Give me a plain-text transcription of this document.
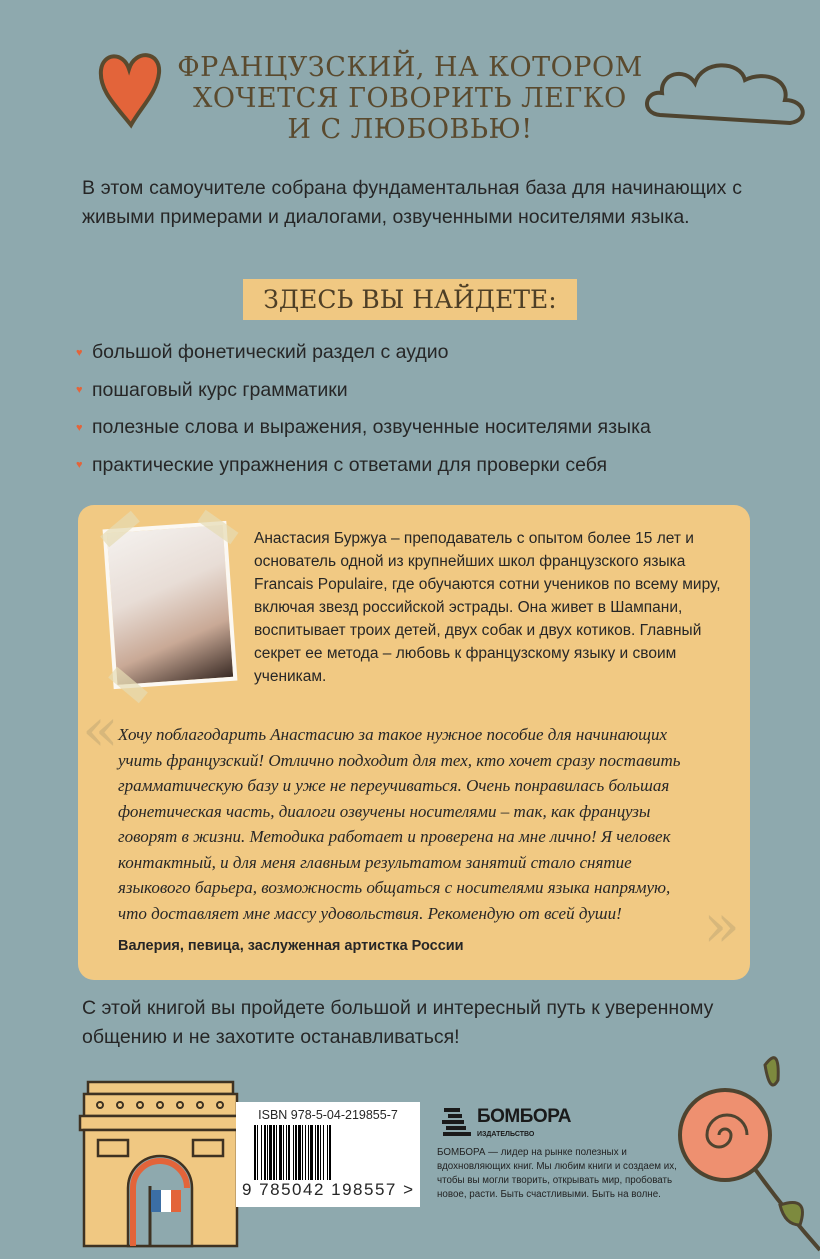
ФРАНЦУЗСКИЙ, НА КОТОРОМ
ХОЧЕТСЯ ГОВОРИТЬ ЛЕГКО
И С ЛЮБОВЬЮ!

В этом самоучителе собрана фундаментальная база для начинающих с живыми примерами и диалогами, озвученными носителями языка.

ЗДЕСЬ ВЫ НАЙДЕТЕ:
♥ большой фонетический раздел с аудио
♥ пошаговый курс грамматики
♥ полезные слова и выражения, озвученные носителями языка
♥ практические упражнения с ответами для проверки себя

Анастасия Буржуа – преподаватель с опытом более 15 лет и основатель одной из крупнейших школ французского языка Francais Populaire, где обучаются сотни учеников по всему миру, включая звезд российской эстрады. Она живет в Шампани, воспитывает троих детей, двух собак и двух котиков. Главный секрет ее метода – любовь к французскому языку и своим ученикам.

« Хочу поблагодарить Анастасию за такое нужное пособие для начинающих учить французский! Отлично подходит для тех, кто хочет сразу поставить грамматическую базу и уже не переучиваться. Очень понравилась большая фонетическая часть, диалоги озвучены носителями – так, как французы говорят в жизни. Методика работает и проверена на мне лично! Я человек контактный, и для меня главным результатом занятий стало снятие языкового барьера, возможность общаться с носителями языка напрямую, что доставляет мне массу удовольствия. Рекомендую от всей души!	»
Валерия, певица, заслуженная артистка России

С этой книгой вы пройдете большой и интересный путь к уверенному общению и не захотите останавливаться!

ISBN 978-5-04-219855-7
9 785042 198557 >
БОМБОРА
ИЗДАТЕЛЬСТВО

БОМБОРА — лидер на рынке полезных и вдохновляющих книг. Мы любим книги и создаем их, чтобы вы могли творить, открывать мир, пробовать новое, расти. Быть счастливыми. Быть на волне.
